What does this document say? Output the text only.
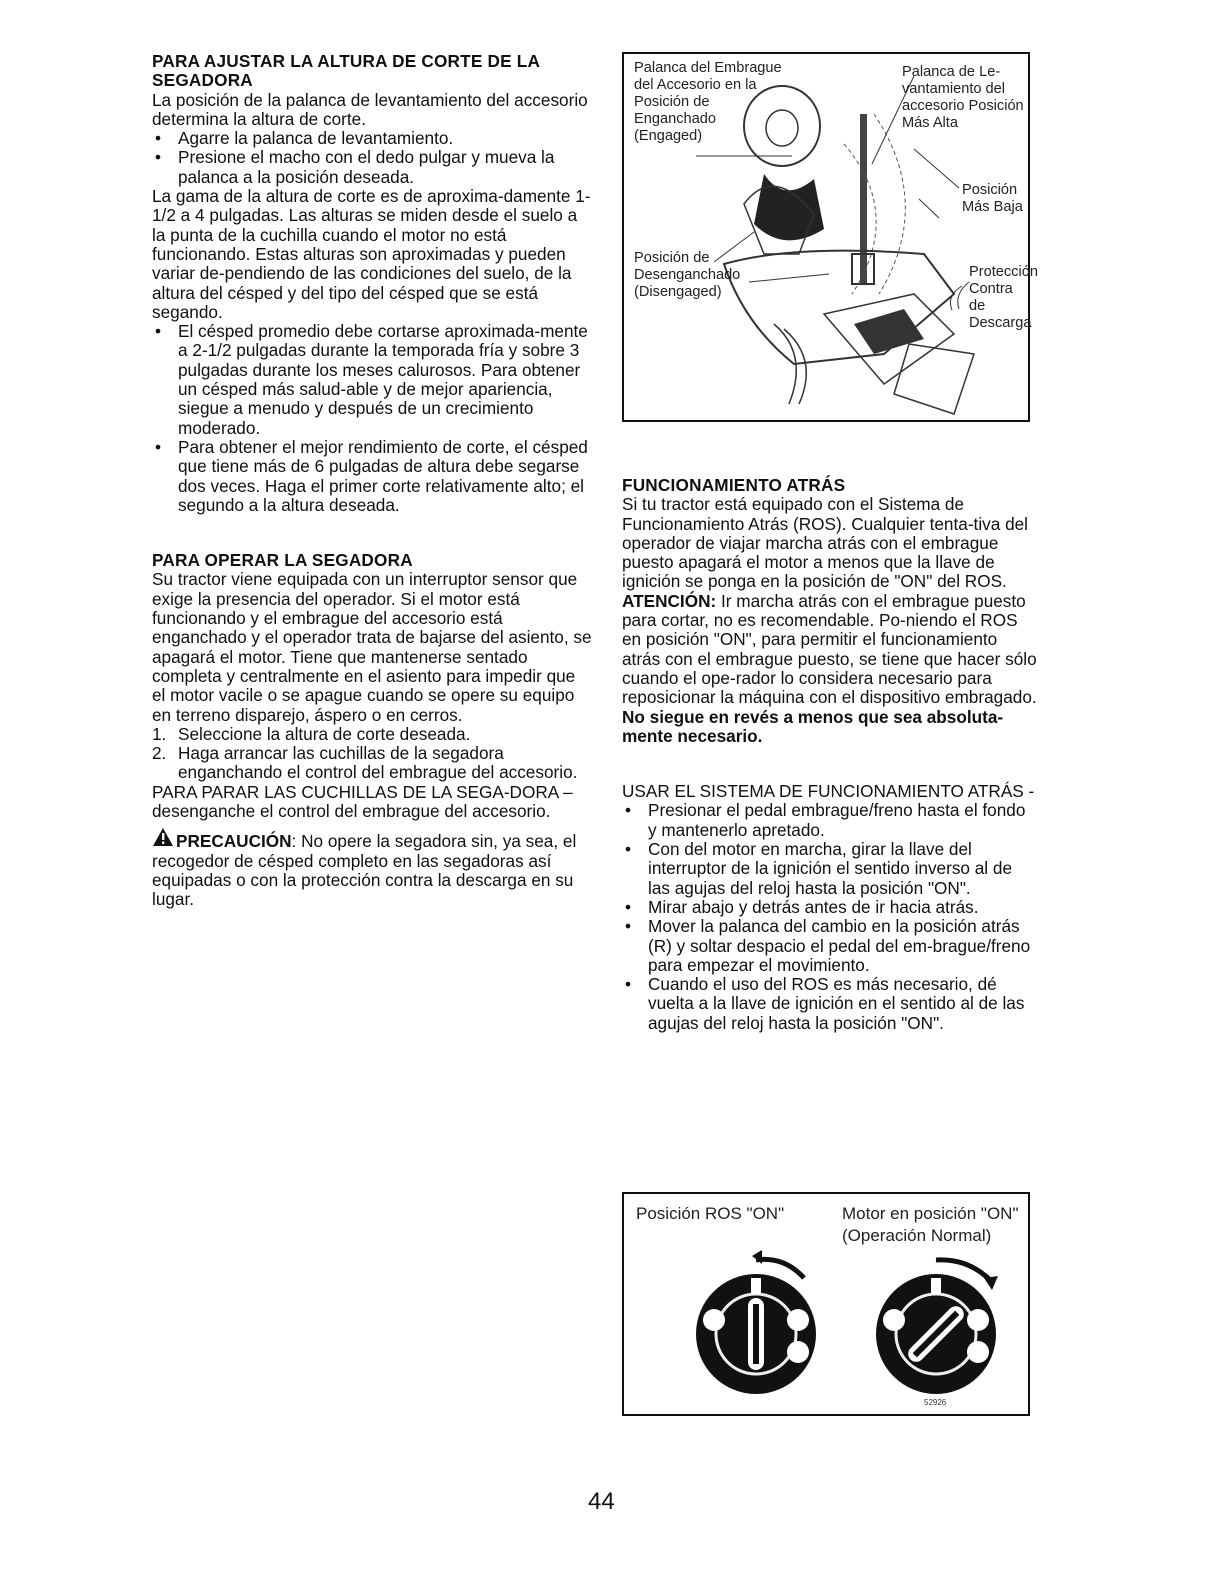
PARA AJUSTAR LA ALTURA DE CORTE DE LA SEGADORA

La posición de la palanca de levantamiento del accesorio determina la altura de corte.

• Agarre la palanca de levantamiento.
• Presione el macho con el dedo pulgar y mueva la palanca a la posición deseada.

La gama de la altura de corte es de aproxima-damente 1-1/2 a 4 pulgadas. Las alturas se miden desde el suelo a la punta de la cuchilla cuando el motor no está funcionando. Estas alturas son aproximadas y pueden variar de-pendiendo de las condiciones del suelo, de la altura del césped y del tipo del césped que se está segando.

• El césped promedio debe cortarse aproximada-mente a 2-1/2 pulgadas durante la temporada fría y sobre 3 pulgadas durante los meses calurosos. Para obtener un césped más salud-able y de mejor apariencia, siegue a menudo y después de un crecimiento moderado.
• Para obtener el mejor rendimiento de corte, el césped que tiene más de 6 pulgadas de altura debe segarse dos veces. Haga el primer corte relativamente alto; el segundo a la altura deseada.
PARA OPERAR LA SEGADORA

Su tractor viene equipada con un interruptor sensor que exige la presencia del operador. Si el motor está funcionando y el embrague del accesorio está enganchado y el operador trata de bajarse del asiento, se apagará el motor. Tiene que mantenerse sentado completa y centralmente en el asiento para impedir que el motor vacile o se apague cuando se opere su equipo en terreno disparejo, áspero o en cerros.

1. Seleccione la altura de corte deseada.
2. Haga arrancar las cuchillas de la segadora enganchando el control del embrague del accesorio.

PARA PARAR LAS CUCHILLAS DE LA SEGA-DORA – desenganche el control del embrague del accesorio.

PRECAUCIÓN: No opere la segadora sin, ya sea, el recogedor de césped completo en las segadoras así equipadas o con la protección contra la descarga en su lugar.

Palanca del Embrague del Accesorio en la Posición de Enganchado (Engaged)
Palanca de Le-vantamiento del accesorio Posición Más Alta
Posición Más Baja
Posición de Desenganchado (Disengaged)
Protección Contra de Descarga
FUNCIONAMIENTO ATRÁS

Si tu tractor está equipado con el Sistema de Funcionamiento Atrás (ROS). Cualquier tenta-tiva del operador de viajar marcha atrás con el embrague puesto apagará el motor a menos que la llave de ignición se ponga en la posición de "ON" del ROS.

ATENCIÓN: Ir marcha atrás con el embrague puesto para cortar, no es recomendable. Po-niendo el ROS en posición "ON", para permitir el funcionamiento atrás con el embrague puesto, se tiene que hacer sólo cuando el ope-rador lo considera necesario para reposicionar la máquina con el dispositivo embragado. No siegue en revés a menos que sea absoluta-mente necesario.

USAR EL SISTEMA DE FUNCIONAMIENTO ATRÁS -

• Presionar el pedal embrague/freno hasta el fondo y mantenerlo apretado.
• Con del motor en marcha, girar la llave del interruptor de la ignición el sentido inverso al de las agujas del reloj hasta la posición "ON".
• Mirar abajo y detrás antes de ir hacia atrás.
• Mover la palanca del cambio en la posición atrás (R) y soltar despacio el pedal del em-brague/freno para empezar el movimiento.
• Cuando el uso del ROS es más necesario, dé vuelta a la llave de ignición en el sentido al de las agujas del reloj hasta la posición "ON".
Posición ROS "ON"	Motor en posición "ON"
(Operación Normal)
52926
44
